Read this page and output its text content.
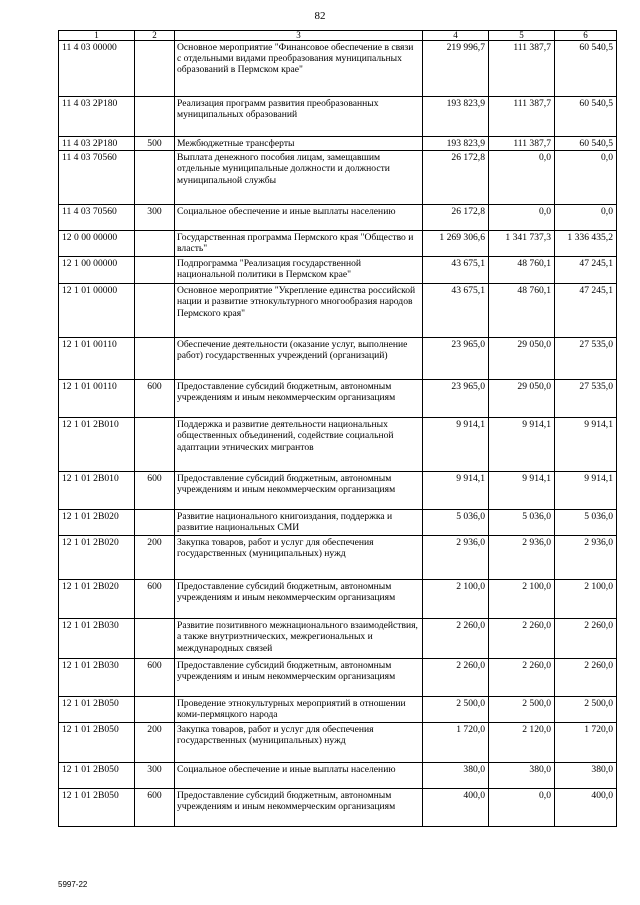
82
1	2	3	4	5	6
11 4 03 00000		Основное мероприятие "Финансовое обеспечение в связи с отдельными видами преобразования муниципальных образований в Пермском крае"	219 996,7	111 387,7	60 540,5
11 4 03 2P180		Реализация программ развития преобразованных муниципальных образований	193 823,9	111 387,7	60 540,5
11 4 03 2P180	500	Межбюджетные трансферты	193 823,9	111 387,7	60 540,5
11 4 03 70560		Выплата денежного пособия лицам, замещавшим отдельные муниципальные должности и должности муниципальной службы	26 172,8	0,0	0,0
11 4 03 70560	300	Социальное обеспечение и иные выплаты населению	26 172,8	0,0	0,0
12 0 00 00000		Государственная программа Пермского края "Общество и власть"	1 269 306,6	1 341 737,3	1 336 435,2
12 1 00 00000		Подпрограмма "Реализация государственной национальной политики в Пермском крае"	43 675,1	48 760,1	47 245,1
12 1 01 00000		Основное мероприятие "Укрепление единства российской нации и развитие этнокультурного многообразия народов Пермского края"	43 675,1	48 760,1	47 245,1
12 1 01 00110		Обеспечение деятельности (оказание услуг, выполнение работ) государственных учреждений (организаций)	23 965,0	29 050,0	27 535,0
12 1 01 00110	600	Предоставление субсидий бюджетным, автономным учреждениям и иным некоммерческим организациям	23 965,0	29 050,0	27 535,0
12 1 01 2B010		Поддержка и развитие деятельности национальных общественных объединений, содействие социальной адаптации этнических мигрантов	9 914,1	9 914,1	9 914,1
12 1 01 2B010	600	Предоставление субсидий бюджетным, автономным учреждениям и иным некоммерческим организациям	9 914,1	9 914,1	9 914,1
12 1 01 2B020		Развитие национального книгоиздания, поддержка и развитие национальных СМИ	5 036,0	5 036,0	5 036,0
12 1 01 2B020	200	Закупка товаров, работ и услуг для обеспечения государственных (муниципальных) нужд	2 936,0	2 936,0	2 936,0
12 1 01 2B020	600	Предоставление субсидий бюджетным, автономным учреждениям и иным некоммерческим организациям	2 100,0	2 100,0	2 100,0
12 1 01 2B030		Развитие позитивного межнационального взаимодействия, а также внутриэтнических, межрегиональных и международных связей	2 260,0	2 260,0	2 260,0
12 1 01 2B030	600	Предоставление субсидий бюджетным, автономным учреждениям и иным некоммерческим организациям	2 260,0	2 260,0	2 260,0
12 1 01 2B050		Проведение этнокультурных мероприятий в отношении коми-пермяцкого народа	2 500,0	2 500,0	2 500,0
12 1 01 2B050	200	Закупка товаров, работ и услуг для обеспечения государственных (муниципальных) нужд	1 720,0	2 120,0	1 720,0
12 1 01 2B050	300	Социальное обеспечение и иные выплаты населению	380,0	380,0	380,0
12 1 01 2B050	600	Предоставление субсидий бюджетным, автономным учреждениям и иным некоммерческим организациям	400,0	0,0	400,0
5997-22
